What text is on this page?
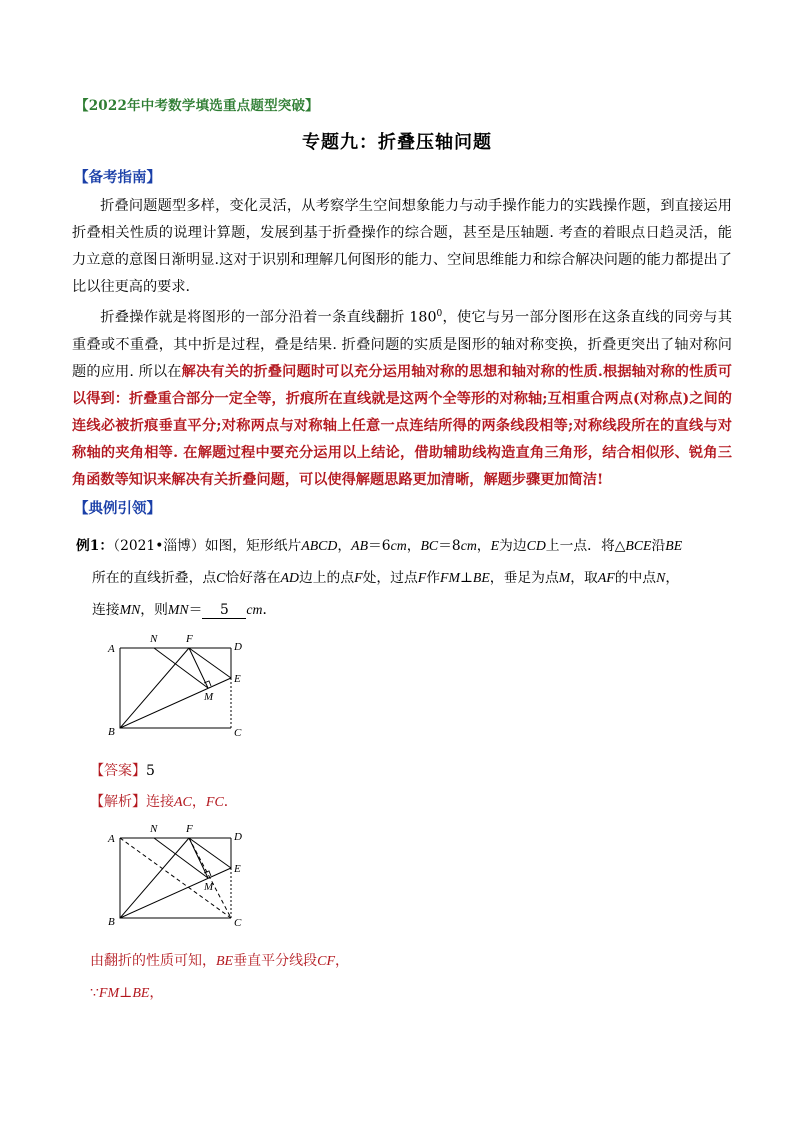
【2022年中考数学填选重点题型突破】
专题九：折叠压轴问题
【备考指南】
折叠问题题型多样，变化灵活，从考察学生空间想象能力与动手操作能力的实践操作题，到直接运用折叠相关性质的说理计算题，发展到基于折叠操作的综合题，甚至是压轴题. 考查的着眼点日趋灵活，能力立意的意图日渐明显.这对于识别和理解几何图形的能力、空间思维能力和综合解决问题的能力都提出了比以往更高的要求.
折叠操作就是将图形的一部分沿着一条直线翻折 $180^0$，使它与另一部分图形在这条直线的同旁与其重叠或不重叠，其中折是过程，叠是结果. 折叠问题的实质是图形的轴对称变换，折叠更突出了轴对称问题的应用. 所以在解决有关的折叠问题时可以充分运用轴对称的思想和轴对称的性质.根据轴对称的性质可以得到：折叠重合部分一定全等，折痕所在直线就是这两个全等形的对称轴;互相重合两点(对称点)之间的连线必被折痕垂直平分;对称两点与对称轴上任意一点连结所得的两条线段相等;对称线段所在的直线与对称轴的夹角相等. 在解题过程中要充分运用以上结论，借助辅助线构造直角三角形，结合相似形、锐角三角函数等知识来解决有关折叠问题，可以使得解题思路更加清晰，解题步骤更加简洁!
【典例引领】
例1：（2021•淄博）如图，矩形纸片ABCD，AB＝6cm，BC＝8cm，E为边CD上一点．将△BCE沿BE
所在的直线折叠，点C恰好落在AD边上的点F处，过点F作FM⊥BE，垂足为点M，取AF的中点N，
连接MN，则MN＝ 5 cm．
A
B	C
D
E
F
M
N
【答案】5
【解析】连接AC，FC．
A
B	C
D
E
F
M
N
由翻折的性质可知，BE垂直平分线段CF，
∵FM⊥BE，
